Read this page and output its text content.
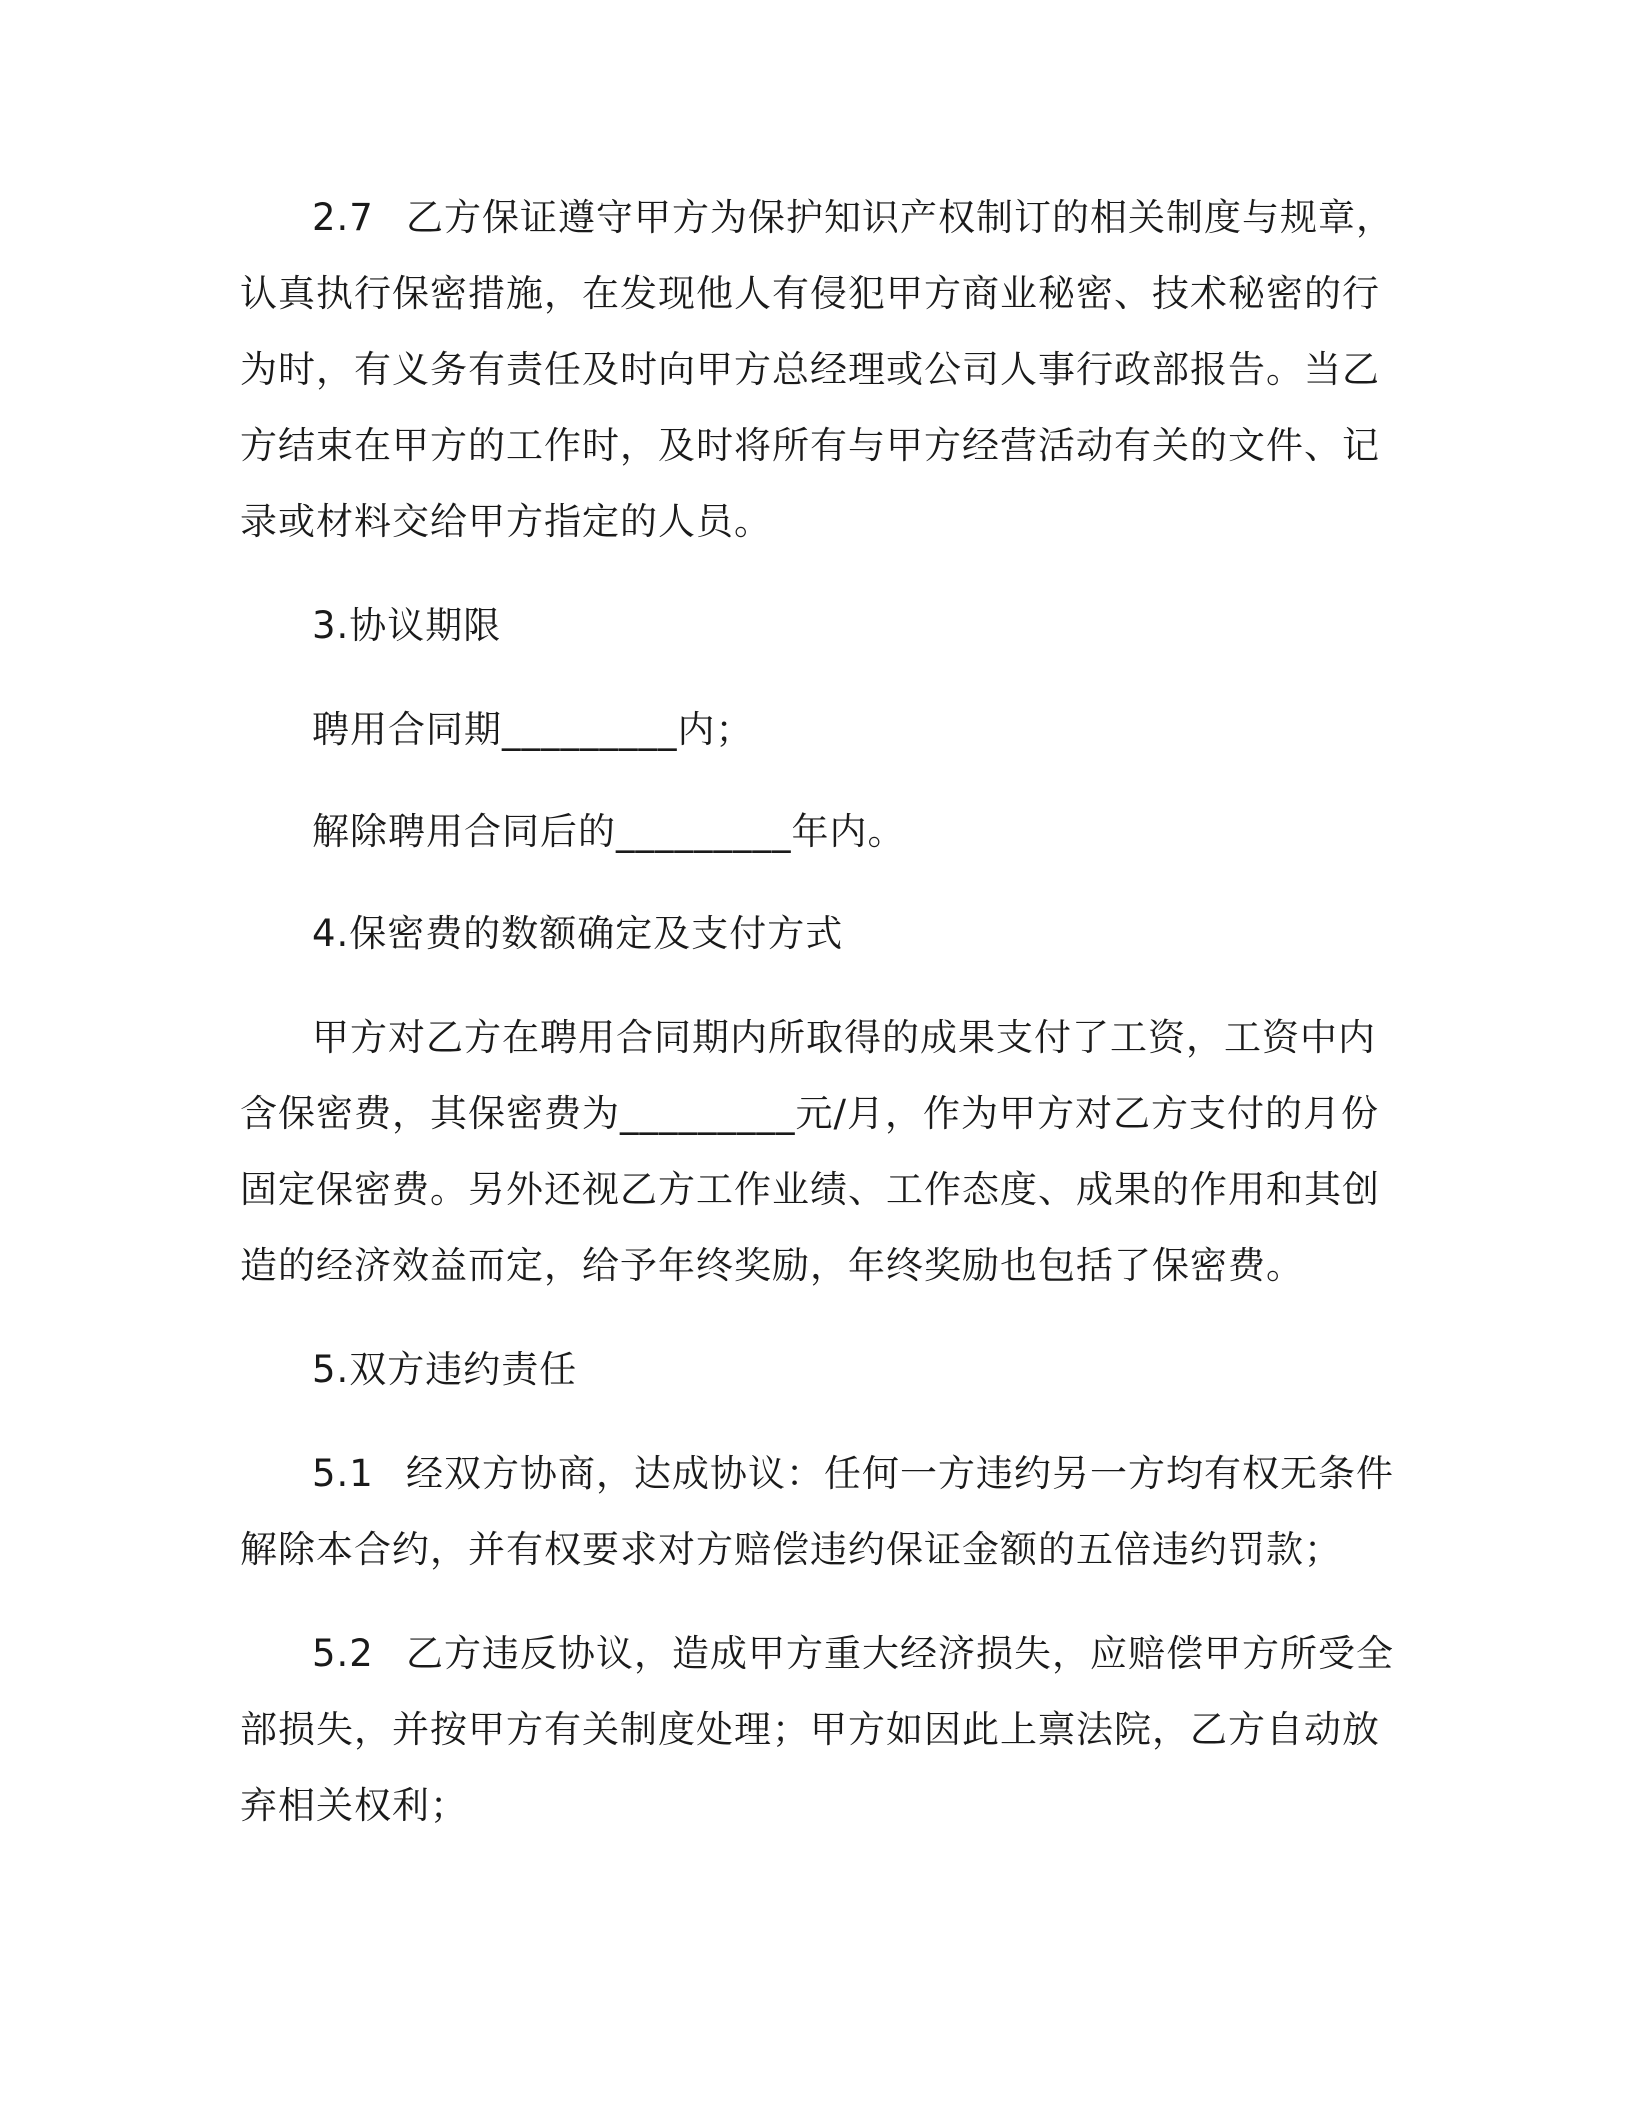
2.7 乙方保证遵守甲方为保护知识产权制订的相关制度与规章，
认真执行保密措施，在发现他人有侵犯甲方商业秘密、技术秘密的行
为时，有义务有责任及时向甲方总经理或公司人事行政部报告。当乙
方结束在甲方的工作时，及时将所有与甲方经营活动有关的文件、记
录或材料交给甲方指定的人员。
3.协议期限
聘用合同期_________内；
解除聘用合同后的_________年内。
4.保密费的数额确定及支付方式
甲方对乙方在聘用合同期内所取得的成果支付了工资，工资中内
含保密费，其保密费为_________元/月，作为甲方对乙方支付的月份
固定保密费。另外还视乙方工作业绩、工作态度、成果的作用和其创
造的经济效益而定，给予年终奖励，年终奖励也包括了保密费。
5.双方违约责任
5.1 经双方协商，达成协议：任何一方违约另一方均有权无条件
解除本合约，并有权要求对方赔偿违约保证金额的五倍违约罚款；
5.2 乙方违反协议，造成甲方重大经济损失，应赔偿甲方所受全
部损失，并按甲方有关制度处理；甲方如因此上禀法院，乙方自动放
弃相关权利；
